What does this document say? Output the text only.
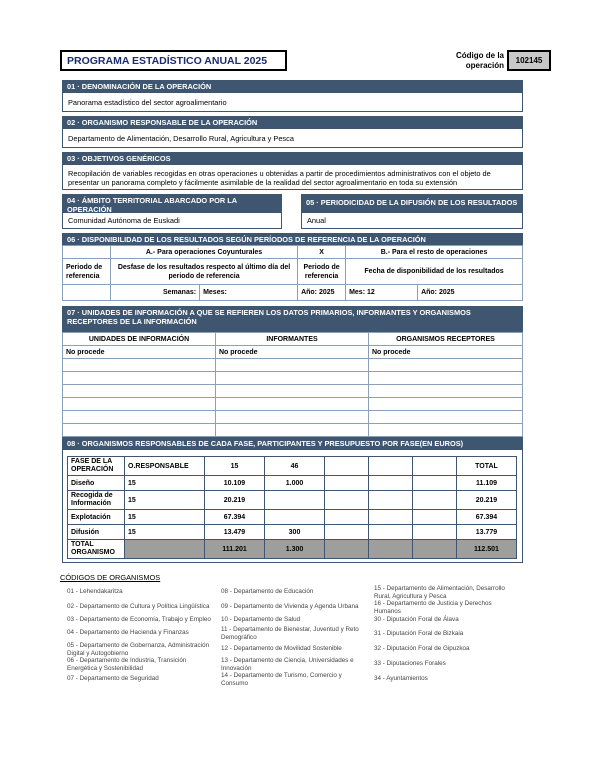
PROGRAMA ESTADÍSTICO ANUAL 2025	Código de la operación
102145
01 · DENOMINACIÓN DE LA OPERACIÓN
Panorama estadístico del sector agroalimentario
02 · ORGANISMO RESPONSABLE DE LA OPERACIÓN
Departamento de Alimentación, Desarrollo Rural, Agricultura y Pesca
03 · OBJETIVOS GENÉRICOS
Recopilación de variables recogidas en otras operaciones u obtenidas a partir de procedimientos administrativos con el objeto de presentar un panorama completo y fácilmente asimilable de la realidad del sector agroalimentario en toda su extensión
04 · ÁMBITO TERRITORIAL ABARCADO POR LA OPERACIÓN
Comunidad Autónoma de Euskadi
05 · PERIODICIDAD DE LA DIFUSIÓN DE LOS RESULTADOS
Anual
06 · DISPONIBILIDAD DE LOS RESULTADOS SEGÚN PERÍODOS DE REFERENCIA DE LA OPERACIÓN
	A.- Para operaciones Coyunturales		X	B.- Para el resto de operaciones	
Periodo de referencia	Desfase de los resultados respecto al último día del periodo de referencia		Periodo de referencia	Fecha de disponibilidad de los resultados	
	Semanas:	Meses:	Año: 2025	Mes: 12	Año: 2025
07 · UNIDADES DE INFORMACIÓN A QUE SE REFIEREN LOS DATOS PRIMARIOS, INFORMANTES Y ORGANISMOS RECEPTORES DE LA INFORMACIÓN
UNIDADES DE INFORMACIÓN	INFORMANTES	ORGANISMOS RECEPTORES
No procede	No procede	No procede

08 · ORGANISMOS RESPONSABLES DE CADA FASE, PARTICIPANTES Y PRESUPUESTO POR FASE(EN EUROS)
FASE DE LA OPERACIÓN	O.RESPONSABLE	15	46				TOTAL
Diseño	15	10.109	1.000				11.109
Recogida de Información	15	20.219					20.219
Explotación	15	67.394					67.394
Difusión	15	13.479	300				13.779
TOTAL ORGANISMO		111.201	1.300				112.501
CÓDIGOS DE ORGANISMOS
01 - Lehendakaritza
02 - Departamento de Cultura y Política Lingüística
03 - Departamento de Economía, Trabajo y Empleo
04 - Departamento de Hacienda y Finanzas
05 - Departamento de Gobernanza, Administración Digital y Autogobierno
06 - Departamento de Industria, Transición Energética y Sostenibilidad
07 - Departamento de Seguridad
08 - Departamento de Educación
09 - Departamento de Vivienda y Agenda Urbana
10 - Departamento de Salud
11 - Departamento de Bienestar, Juventud y Reto Demográfico
12 - Departamento de Movilidad Sostenible
13 - Departamento de Ciencia, Universidades e Innovación
14 - Departamento de Turismo, Comercio y Consumo
15 - Departamento de Alimentación, Desarrollo Rural, Agricultura y Pesca
16 - Departamento de Justicia y Derechos Humanos
30 - Diputación Foral de Álava
31 - Diputación Foral de Bizkaia
32 - Diputación Foral de Gipuzkoa
33 - Diputaciones Forales
34 - Ayuntamientos
